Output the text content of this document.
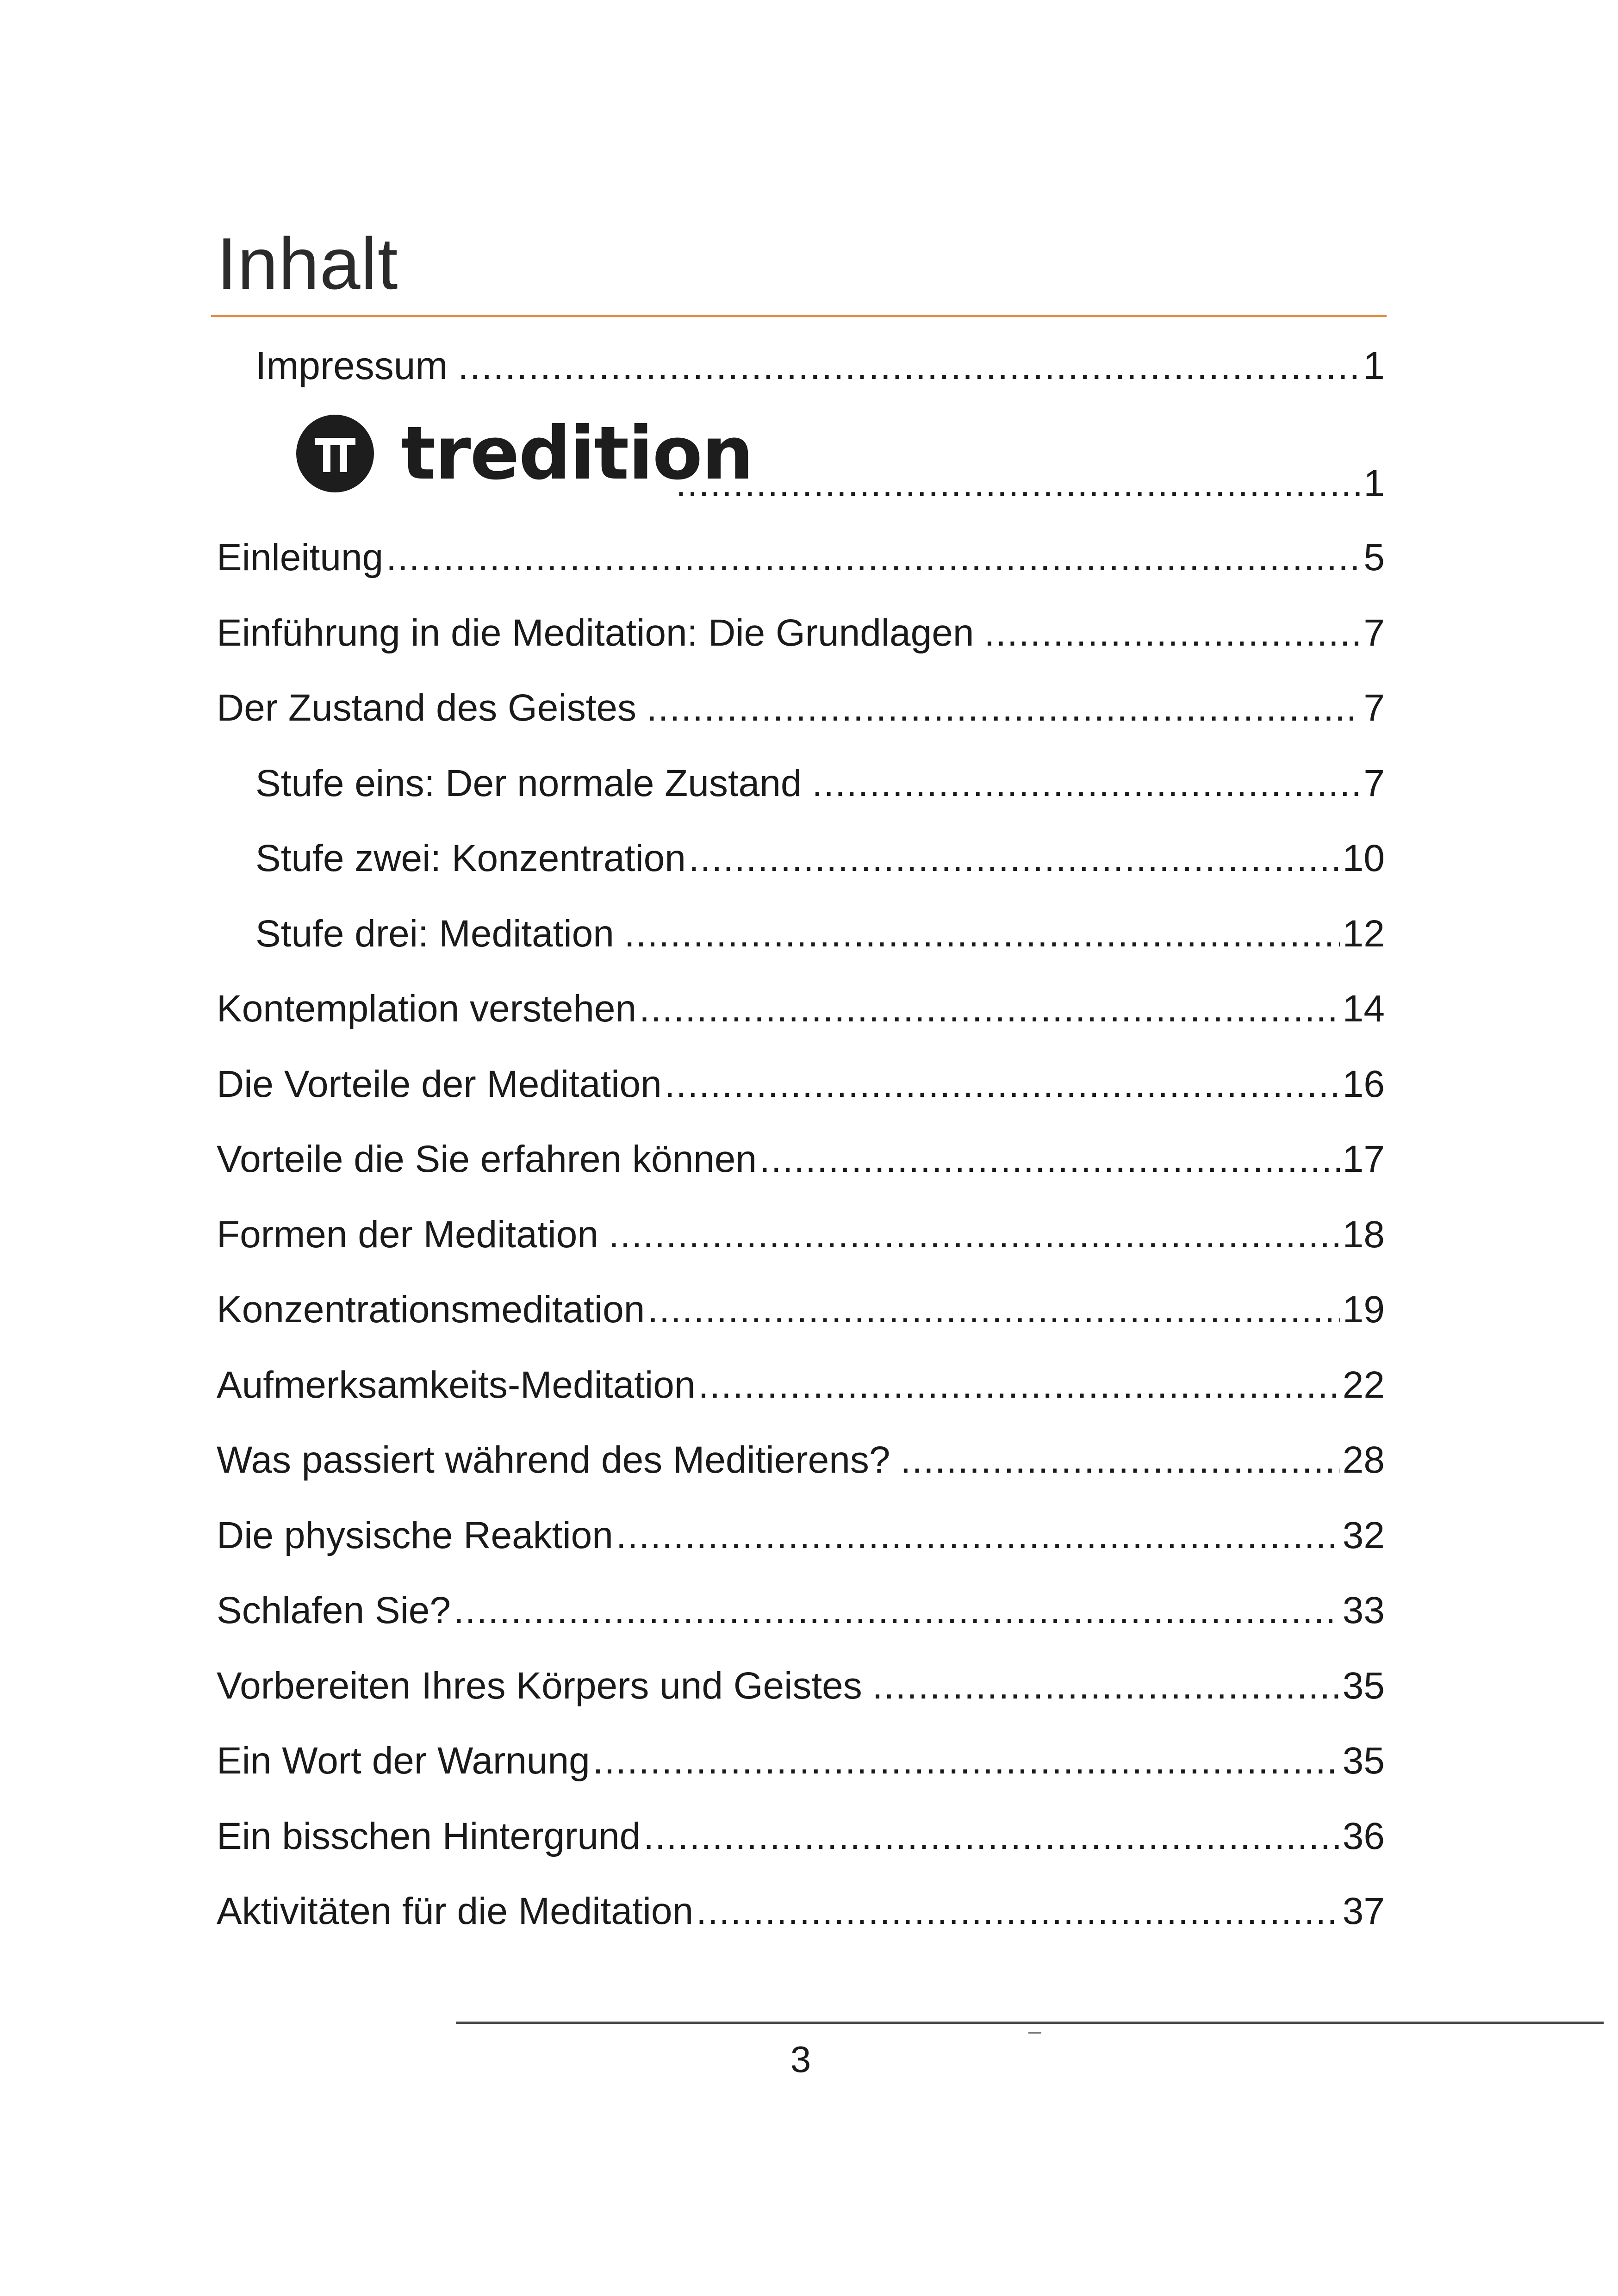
Inhalt
Impressum .....	1
tredition .....	1
Einleitung .....	5
Einführung in die Meditation: Die Grundlagen .....	7
Der Zustand des Geistes .....	7
Stufe eins: Der normale Zustand .....	7
Stufe zwei: Konzentration .....	10
Stufe drei: Meditation .....	12
Kontemplation verstehen .....	14
Die Vorteile der Meditation .....	16
Vorteile die Sie erfahren können .....	17
Formen der Meditation .....	18
Konzentrationsmeditation .....	19
Aufmerksamkeits-Meditation .....	22
Was passiert während des Meditierens? .....	28
Die physische Reaktion .....	32
Schlafen Sie? .....	33
Vorbereiten Ihres Körpers und Geistes .....	35
Ein Wort der Warnung .....	35
Ein bisschen Hintergrund .....	36
Aktivitäten für die Meditation .....	37
3
